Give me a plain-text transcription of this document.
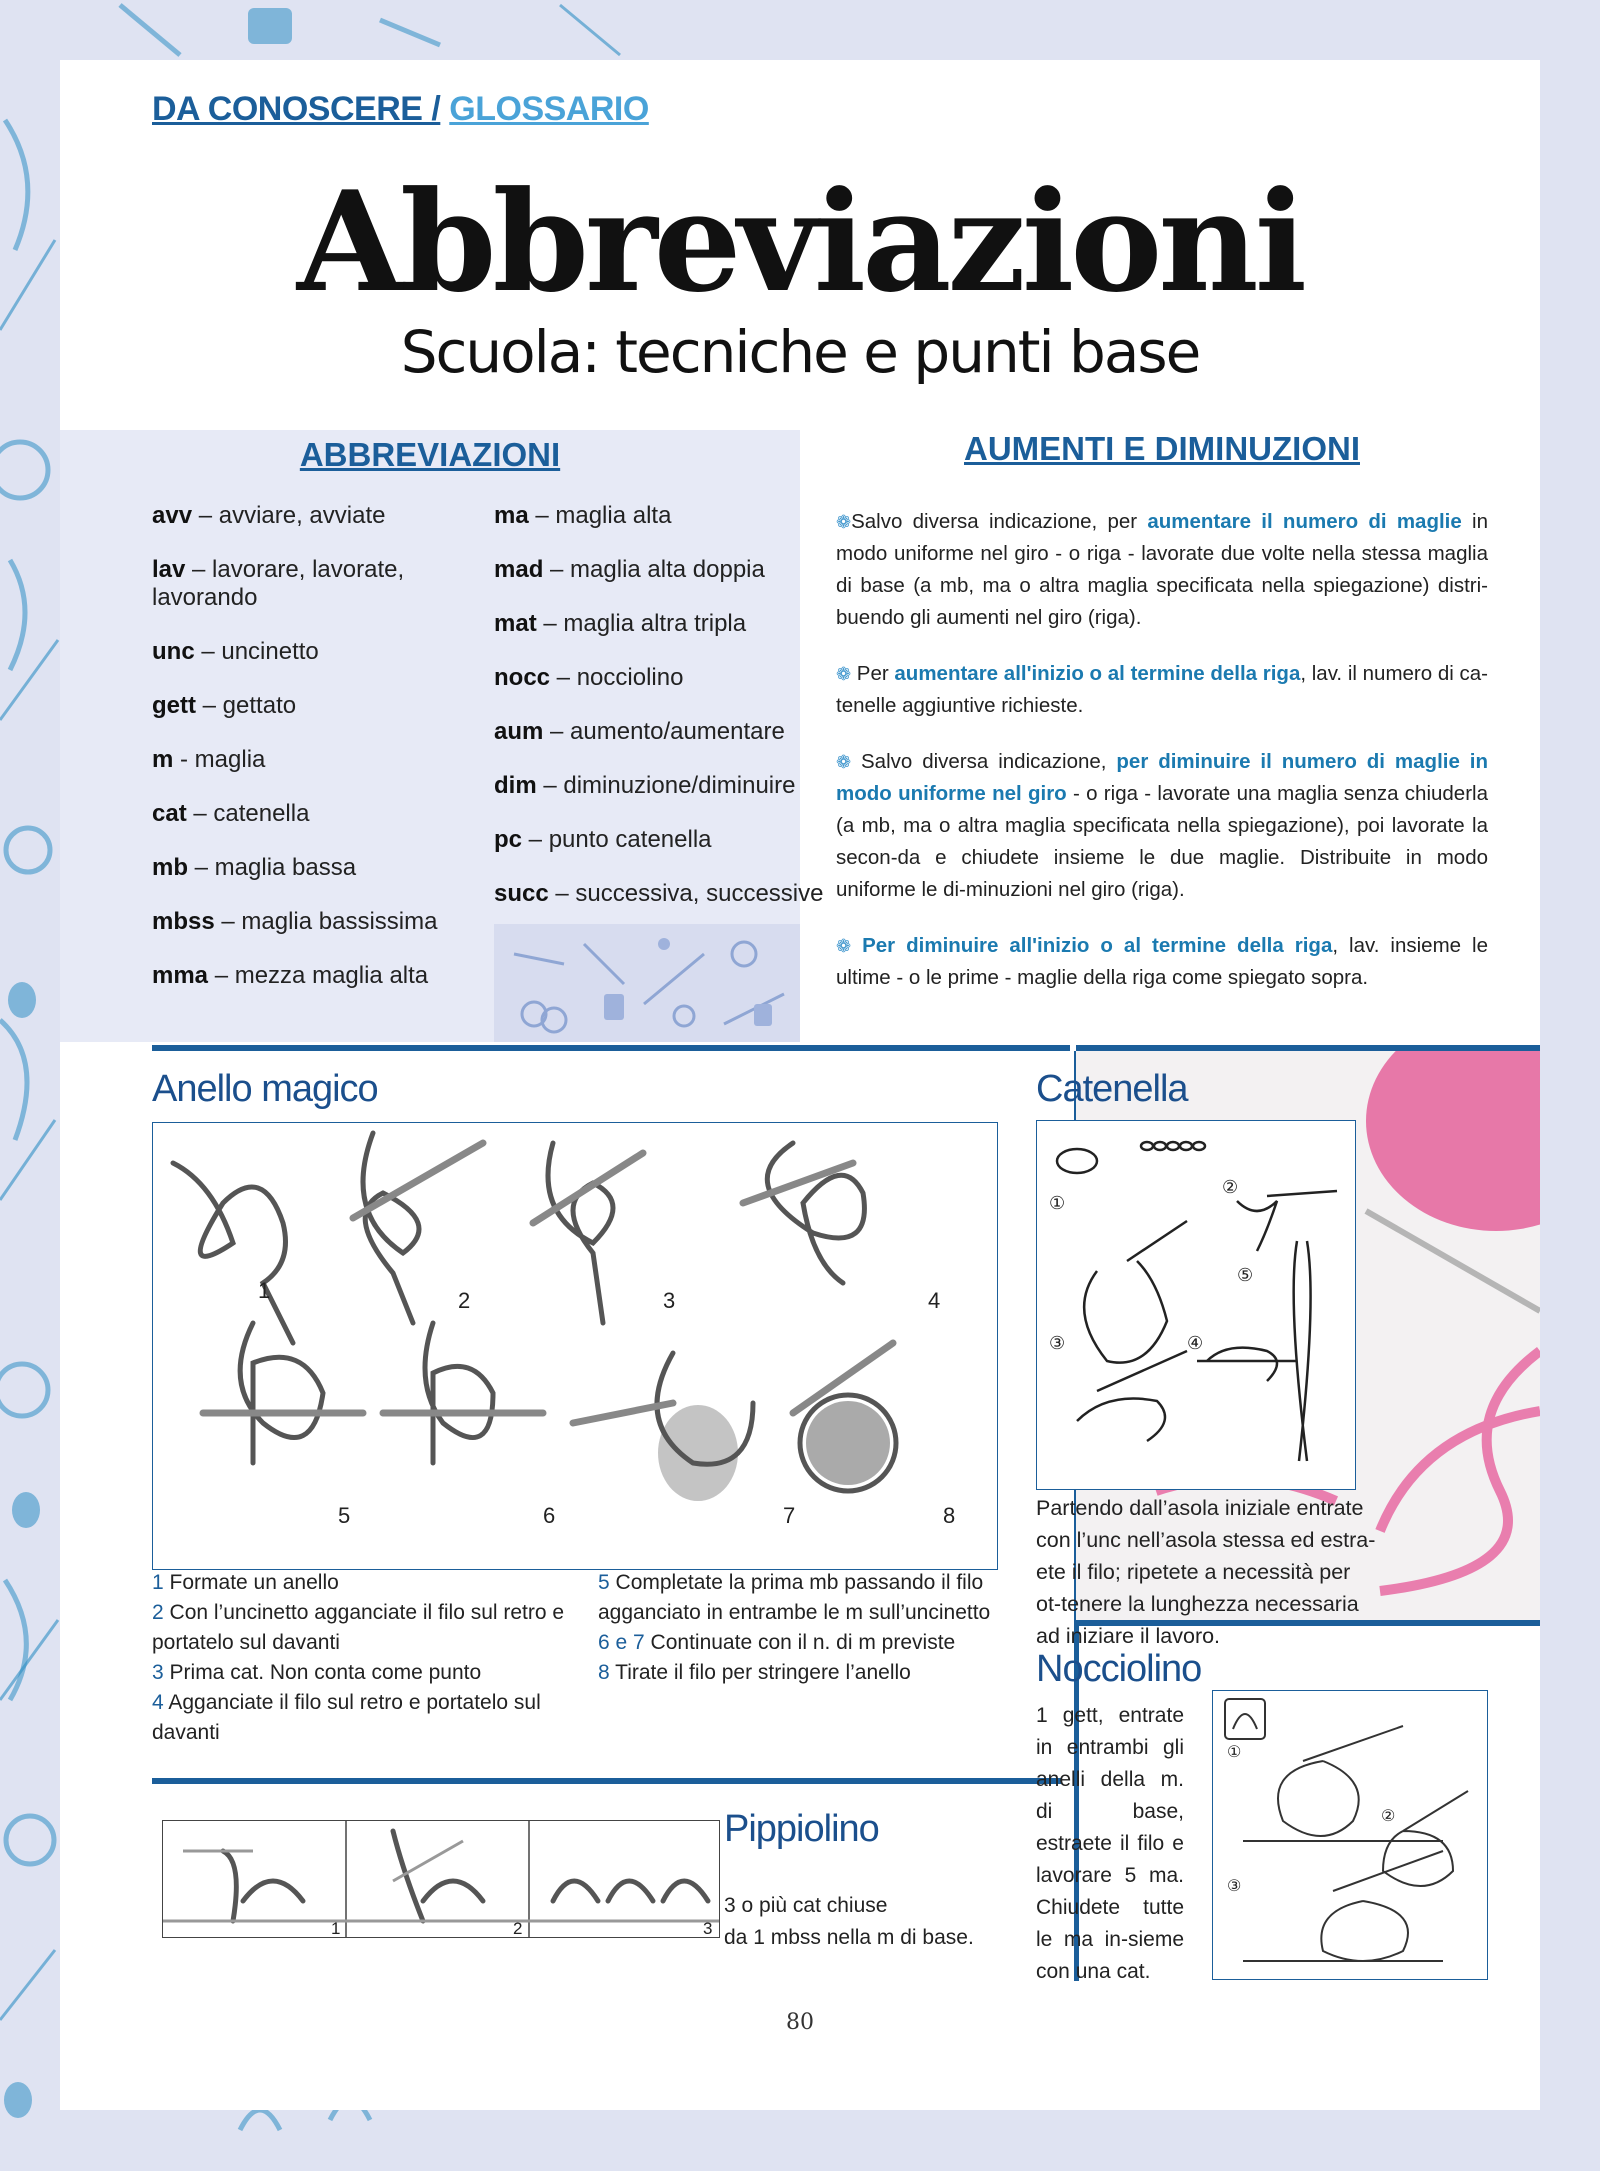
DA CONOSCERE / GLOSSARIO
Abbreviazioni
Scuola: tecniche e punti base
ABBREVIAZIONI
avv – avviare, avviate
lav – lavorare, lavorate, lavorando
unc – uncinetto
gett – gettato
m - maglia
cat – catenella
mb – maglia bassa
mbss – maglia bassissima
mma – mezza maglia alta
ma – maglia alta
mad – maglia alta doppia
mat – maglia altra tripla
nocc – nocciolino
aum – aumento/aumentare
dim – diminuzione/diminuire
pc – punto catenella
succ – successiva, successive
AUMENTI E DIMINUZIONI

❁Salvo diversa indicazione, per aumentare il numero di maglie in modo uniforme nel giro - o riga - lavorate due volte nella stessa maglia di base (a mb, ma o altra maglia specificata nella spiegazione) distri-buendo gli aumenti nel giro (riga).

❁ Per aumentare all'inizio o al termine della riga, lav. il numero di ca-tenelle aggiuntive richieste.

❁ Salvo diversa indicazione, per diminuire il numero di maglie in modo uniforme nel giro - o riga - lavorate una maglia senza chiuderla (a mb, ma o altra maglia specificata nella spiegazione), poi lavorate la secon-da e chiudete insieme le due maglie. Distribuite in modo uniforme le di-minuzioni nel giro (riga).

❁ Per diminuire all'inizio o al termine della riga, lav. insieme le ultime - o le prime - maglie della riga come spiegato sopra.

Anello magico
1	2	3	4
5	6	7	8
1 Formate un anello
2 Con l’uncinetto agganciate il filo sul retro e portatelo sul davanti
3 Prima cat. Non conta come punto
4 Agganciate il filo sul retro e portatelo sul davanti
5 Completate la prima mb passando il filo agganciato in entrambe le m sull’uncinetto
6 e 7 Continuate con il n. di m previste
8 Tirate il filo per stringere l’anello
Catenella
①
②
③	④
⑤
Partendo dall’asola iniziale entrate con l’unc nell’asola stessa ed estra-ete il filo; ripetete a necessità per ot-tenere la lunghezza necessaria ad iniziare il lavoro.
Nocciolino
1 gett, entrate in entrambi gli anelli della m. di base, estraete il filo e lavorare 5 ma. Chiudete tutte le ma in-sieme con una cat.
①
②
③
1	2	3
Pippiolino
3 o più cat chiuse
da 1 mbss nella m di base.
80
